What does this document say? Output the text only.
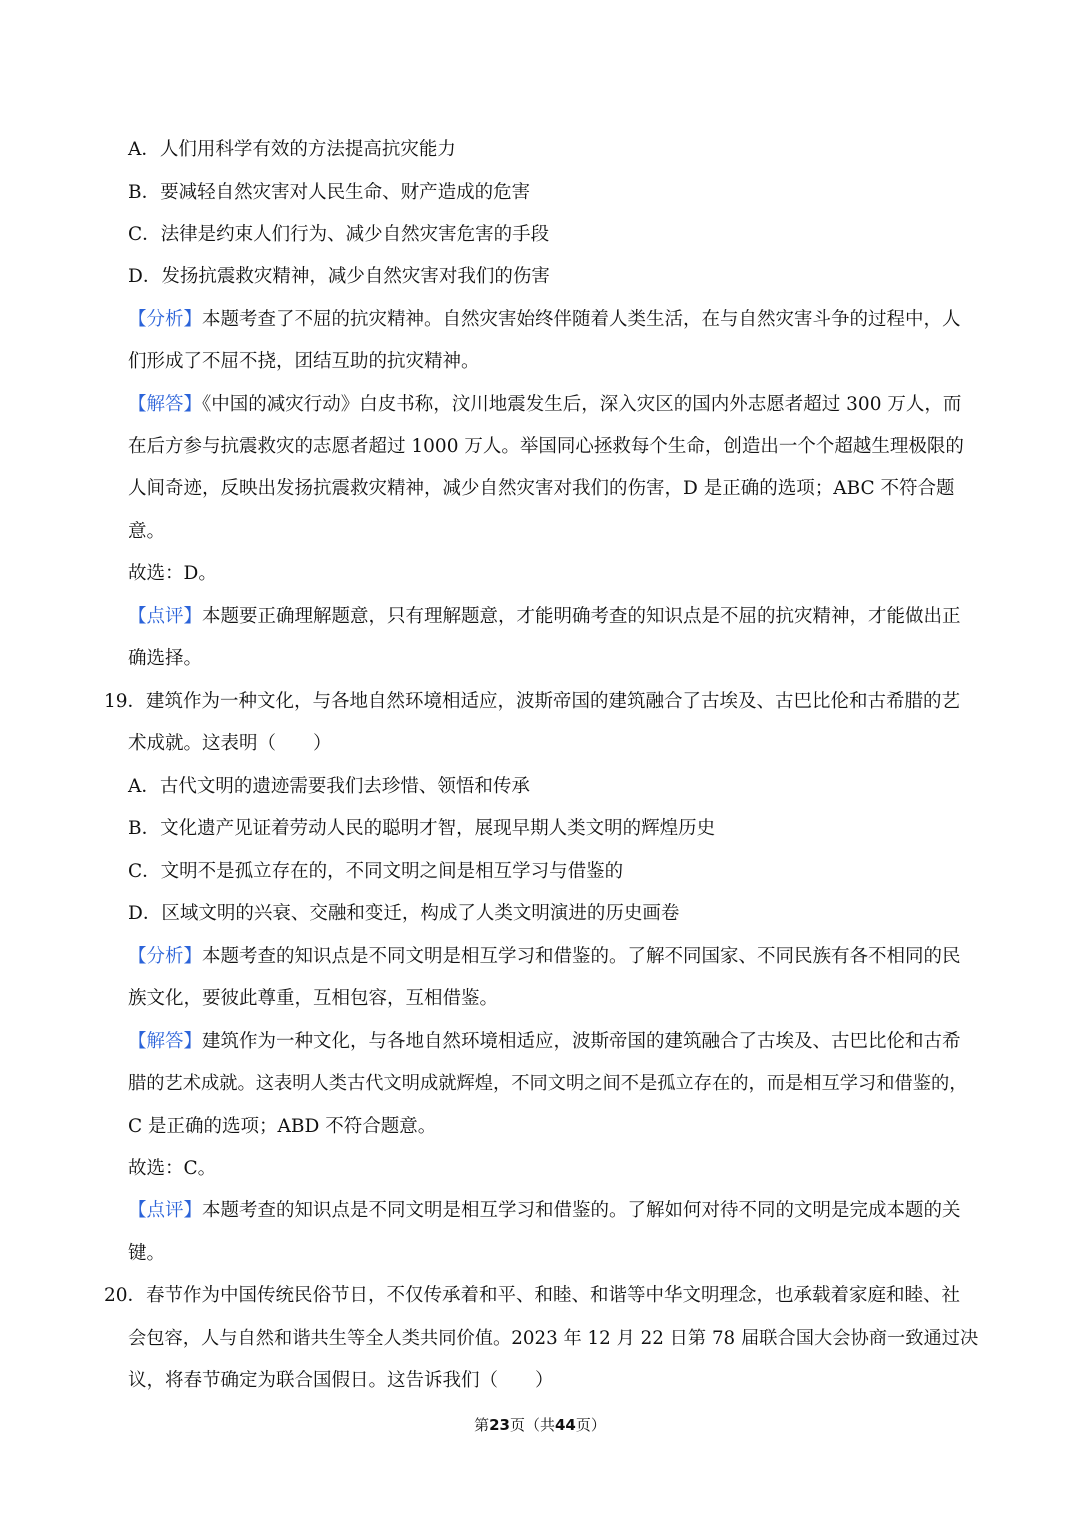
A．人们用科学有效的方法提高抗灾能力
B．要减轻自然灾害对人民生命、财产造成的危害
C．法律是约束人们行为、减少自然灾害危害的手段
D．发扬抗震救灾精神，减少自然灾害对我们的伤害
【分析】本题考查了不屈的抗灾精神。自然灾害始终伴随着人类生活，在与自然灾害斗争的过程中，人
们形成了不屈不挠，团结互助的抗灾精神。
【解答】《中国的减灾行动》白皮书称，汶川地震发生后，深入灾区的国内外志愿者超过 300 万人，而
在后方参与抗震救灾的志愿者超过 1000 万人。举国同心拯救每个生命，创造出一个个超越生理极限的
人间奇迹，反映出发扬抗震救灾精神，减少自然灾害对我们的伤害，D 是正确的选项；ABC 不符合题
意。
故选：D。
【点评】本题要正确理解题意，只有理解题意，才能明确考查的知识点是不屈的抗灾精神，才能做出正
确选择。
19．建筑作为一种文化，与各地自然环境相适应，波斯帝国的建筑融合了古埃及、古巴比伦和古希腊的艺
术成就。这表明（　　）
A．古代文明的遗迹需要我们去珍惜、领悟和传承
B．文化遗产见证着劳动人民的聪明才智，展现早期人类文明的辉煌历史
C．文明不是孤立存在的，不同文明之间是相互学习与借鉴的
D．区域文明的兴衰、交融和变迁，构成了人类文明演进的历史画卷
【分析】本题考查的知识点是不同文明是相互学习和借鉴的。了解不同国家、不同民族有各不相同的民
族文化，要彼此尊重，互相包容，互相借鉴。
【解答】建筑作为一种文化，与各地自然环境相适应，波斯帝国的建筑融合了古埃及、古巴比伦和古希
腊的艺术成就。这表明人类古代文明成就辉煌，不同文明之间不是孤立存在的，而是相互学习和借鉴的，
C 是正确的选项；ABD 不符合题意。
故选：C。
【点评】本题考查的知识点是不同文明是相互学习和借鉴的。了解如何对待不同的文明是完成本题的关
键。
20．春节作为中国传统民俗节日，不仅传承着和平、和睦、和谐等中华文明理念，也承载着家庭和睦、社
会包容，人与自然和谐共生等全人类共同价值。2023 年 12 月 22 日第 78 届联合国大会协商一致通过决
议，将春节确定为联合国假日。这告诉我们（　　）
第23页（共44页）
